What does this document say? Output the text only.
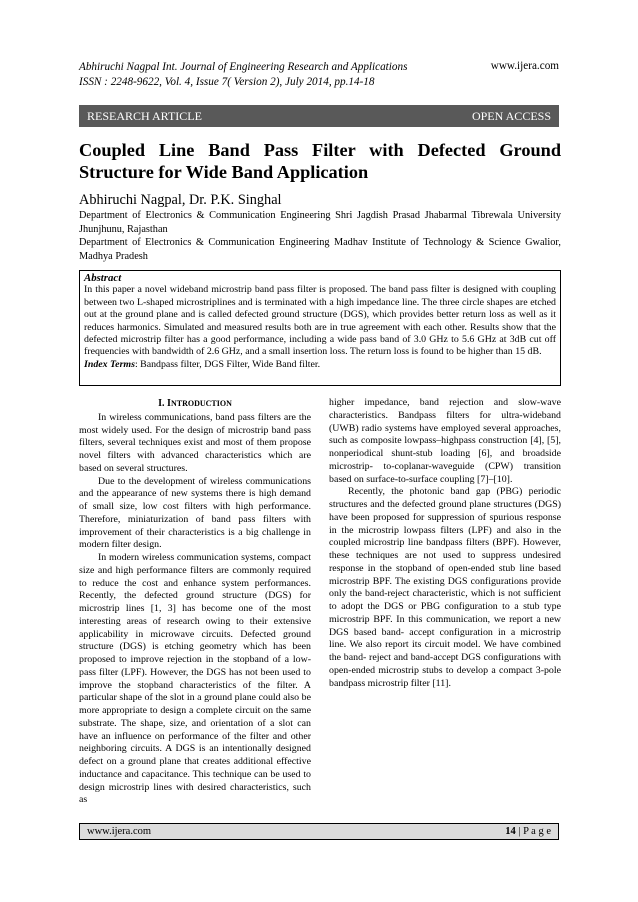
Abhiruchi Nagpal Int. Journal of Engineering Research and Applications
ISSN : 2248-9622, Vol. 4, Issue 7( Version 2), July 2014, pp.14-18
www.ijera.com
RESEARCH ARTICLE	OPEN ACCESS
Coupled Line Band Pass Filter with Defected Ground Structure for Wide Band Application
Abhiruchi Nagpal, Dr. P.K. Singhal
Department of Electronics & Communication Engineering Shri Jagdish Prasad Jhabarmal Tibrewala University Jhunjhunu, Rajasthan
Department of Electronics & Communication Engineering Madhav Institute of Technology & Science Gwalior, Madhya Pradesh
Abstract
In this paper a novel wideband microstrip band pass filter is proposed. The band pass filter is designed with coupling between two L-shaped microstriplines and is terminated with a high impedance line. The three circle shapes are etched out at the ground plane and is called defected ground structure (DGS), which provides better return loss as well as it reduces harmonics. Simulated and measured results both are in true agreement with each other. Results show that the defected microstrip filter has a good performance, including a wide pass band of 3.0 GHz to 5.6 GHz at 3dB cut off frequencies with bandwidth of 2.6 GHz, and a small insertion loss. The return loss is found to be higher than 15 dB.
Index Terms: Bandpass filter, DGS Filter, Wide Band filter.
I. INTRODUCTION

In wireless communications, band pass filters are the most widely used. For the design of microstrip band pass filters, several techniques exist and most of them propose novel filters with advanced characteristics which are based on several structures.

Due to the development of wireless communications and the appearance of new systems there is high demand of small size, low cost filters with high performance. Therefore, miniaturization of band pass filters with improvement of their characteristics is a big challenge in modern filter design.

In modern wireless communication systems, compact size and high performance filters are commonly required to reduce the cost and enhance system performances. Recently, the defected ground structure (DGS) for microstrip lines [1, 3] has become one of the most interesting areas of research owing to their extensive applicability in microwave circuits. Defected ground structure (DGS) is etching geometry which has been proposed to improve rejection in the stopband of a low-pass filter (LPF). However, the DGS has not been used to improve the stopband characteristics of the filter. A particular shape of the slot in a ground plane could also be more appropriate to design a complete circuit on the same substrate. The shape, size, and orientation of a slot can have an influence on performance of the filter and other neighboring circuits. A DGS is an intentionally designed defect on a ground plane that creates additional effective inductance and capacitance. This technique can be used to design microstrip lines with desired characteristics, such as

higher impedance, band rejection and slow-wave characteristics. Bandpass filters for ultra-wideband (UWB) radio systems have employed several approaches, such as composite lowpass–highpass construction [4], [5], nonperiodical shunt-stub loading [6], and broadside microstrip- to-coplanar-waveguide (CPW) transition based on surface-to-surface coupling [7]–[10].

Recently, the photonic band gap (PBG) periodic structures and the defected ground plane structures (DGS) have been proposed for suppression of spurious response in the microstrip lowpass filters (LPF) and also in the coupled microstrip line bandpass filters (BPF). However, these techniques are not used to suppress undesired response in the stopband of open-ended stub line based microstrip BPF. The existing DGS configurations provide only the band-reject characteristic, which is not sufficient to adopt the DGS or PBG configuration to a stub type microstrip BPF. In this communication, we report a new DGS based band- accept configuration in a microstrip line. We also report its circuit model. We have combined the band- reject and band-accept DGS configurations with open-ended microstrip stubs to develop a compact 3-pole bandpass microstrip filter [11].

www.ijera.com	14 | P a g e
